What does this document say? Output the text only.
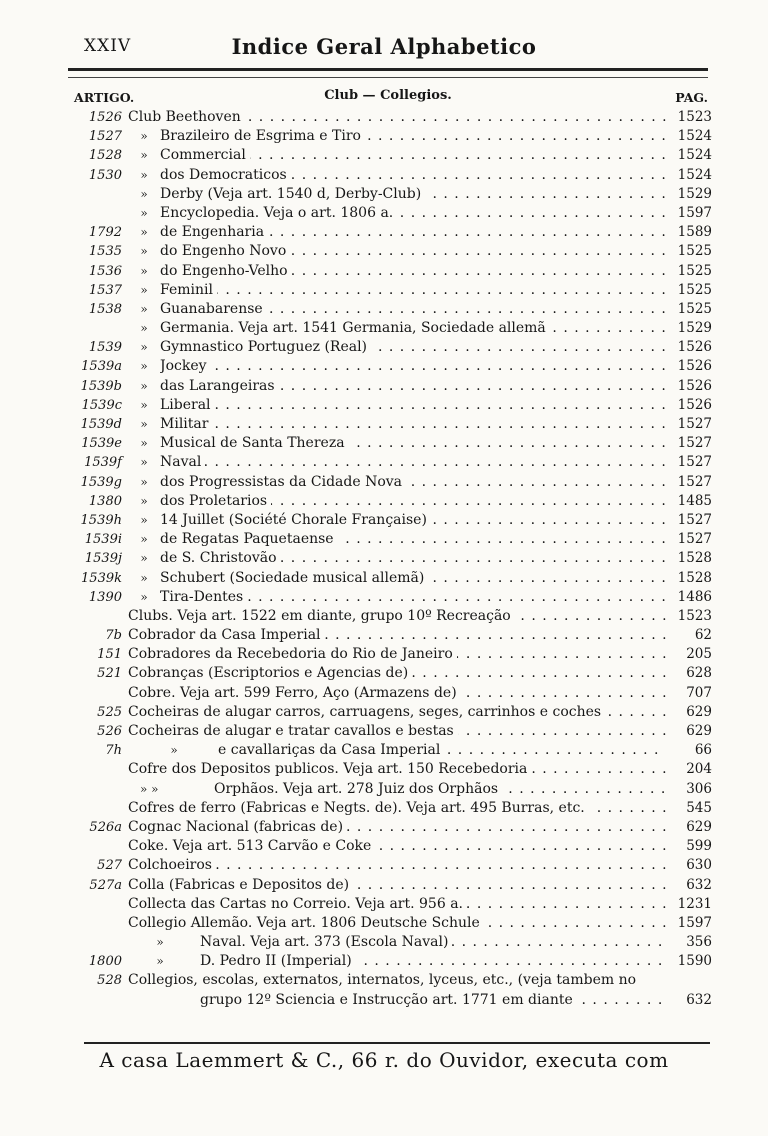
XXIV	Indice Geral Alphabetico
ARTIGO.	Club — Collegios.	PAG.
1526 Club Beethoven . . .	1523
1527	» Brazileiro de Esgrima e Tiro . . .	1524
1528	» Commercial . . .	1524
1530	» dos Democraticos . . .	1524
» Derby (Veja art. 1540 d, Derby-Club) . . .	1529
» Encyclopedia. Veja o art. 1806 a. . . .	1597
1792	» de Engenharia . . .	1589
1535	» do Engenho Novo . . .	1525
1536	» do Engenho-Velho . . .	1525
1537	» Feminil . . .	1525
1538	» Guanabarense . . .	1525
» Germania. Veja art. 1541 Germania, Sociedade allemã . . .	1529
1539	» Gymnastico Portuguez (Real) . . .	1526
1539a	» Jockey . . .	1526
1539b	» das Larangeiras . . .	1526
1539c	» Liberal . . .	1526
1539d	» Militar . . .	1527
1539e	» Musical de Santa Thereza . . .	1527
1539f	» Naval . . .	1527
1539g	» dos Progressistas da Cidade Nova . . .	1527
1380	» dos Proletarios . . .	1485
1539h	» 14 Juillet (Société Chorale Française) . . .	1527
1539i	» de Regatas Paquetaense . . .	1527
1539j	» de S. Christovão . . .	1528
1539k	» Schubert (Sociedade musical allemã) . . .	1528
1390	» Tira-Dentes . . .	1486
Clubs. Veja art. 1522 em diante, grupo 10º Recreação . . .	1523
7b Cobrador da Casa Imperial . . .	62
151 Cobradores da Recebedoria do Rio de Janeiro . . .	205
521 Cobranças (Escriptorios e Agencias de) . . .	628
Cobre. Veja art. 599 Ferro, Aço (Armazens de) . . .	707
525 Cocheiras de alugar carros, carruagens, seges, carrinhos e coches . . .	629
526 Cocheiras de alugar e tratar cavallos e bestas . . .	629
7h	»	e cavallariças da Casa Imperial . . .	66
Cofre dos Depositos publicos. Veja art. 150 Recebedoria . . .	204
» »	Orphãos. Veja art. 278 Juiz dos Orphãos . . .	306
Cofres de ferro (Fabricas e Negts. de). Veja art. 495 Burras, etc. . . .	545
526a Cognac Nacional (fabricas de) . . .	629
Coke. Veja art. 513 Carvão e Coke . . .	599
527 Colchoeiros . . .	630
527a Colla (Fabricas e Depositos de) . . .	632
Collecta das Cartas no Correio. Veja art. 956 a. . . .	1231
Collegio Allemão. Veja art. 1806 Deutsche Schule . . .	1597
»	Naval. Veja art. 373 (Escola Naval) . . .	356
1800	»	D. Pedro II (Imperial) . . .	1590
528 Collegios, escolas, externatos, internatos, lyceus, etc., (veja tambem no
grupo 12º Sciencia e Instrucção art. 1771 em diante . . .	632
A casa Laemmert & C., 66 r. do Ouvidor, executa com
